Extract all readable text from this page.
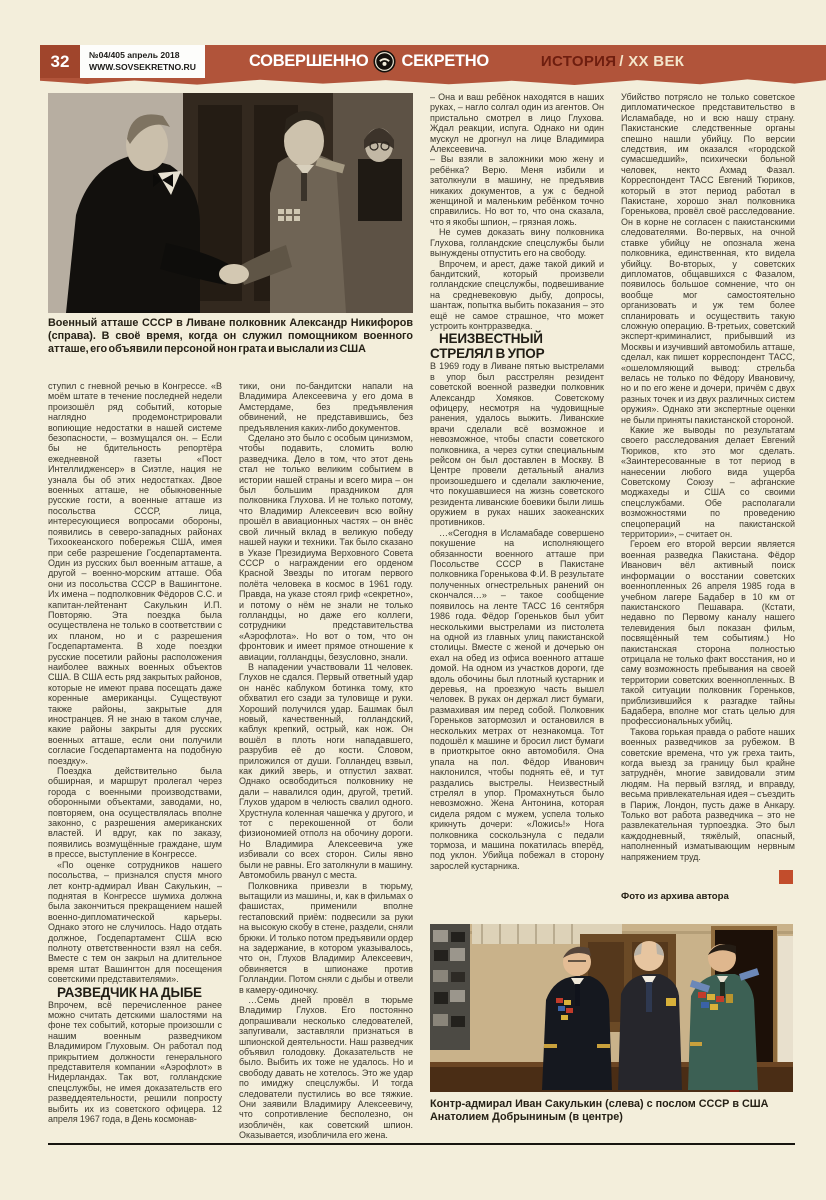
32	№04/405 апрель 2018
WWW.SOVSEKRETNO.RU	СОВЕРШЕННО СЕКРЕТНО	ИСТОРИЯ / XX ВЕК
Военный атташе СССР в Ливане полковник Александр Никифоров (справа). В своё время, когда он служил помощником военного атташе, его объявили персоной нон грата и выслали из США

ступил с гневной речью в Конгрессе. «В моём штате в течение последней недели произошёл ряд событий, которые наглядно продемонстрировали вопиющие недостатки в нашей системе безопасности, – возмущался он. – Если бы не бдительность репортёра ежедневной газеты «Пост Интеллидженсер» в Сиэтле, нация не узнала бы об этих недостатках. Двое военных атташе, не обыкновенные русские гости, а военные атташе из посольства СССР, лица, интересующиеся вопросами обороны, появились в северо-западных районах Тихоокеанского побережья США, имея при себе разрешение Госдепартамента. Один из русских был военным атташе, а другой – военно-морским атташе. Оба они из посольства СССР в Вашингтоне. Их имена – подполковник Фёдоров С.С. и капитан-лейтенант Сакулькин И.П. Повторяю. Эта поездка была осуществлена не только в соответствии с их планом, но и с разрешения Госдепартамента. В ходе поездки русские посетили районы расположения наиболее важных военных объектов США. В США есть ряд закрытых районов, которые не имеют права посещать даже коренные американцы. Существуют также районы, закрытые для иностранцев. Я не знаю в таком случае, какие районы закрыты для русских военных атташе, если они получили согласие Госдепартамента на подобную поездку».

Поездка действительно была обширная, и маршрут пролегал через города с военными производствами, оборонными объектами, заводами, но, повторяем, она осуществлялась вполне законно, с разрешения американских властей. И вдруг, как по заказу, появились возмущённые граждане, шум в прессе, выступление в Конгрессе.

«По оценке сотрудников нашего посольства, – признался спустя много лет контр-адмирал Иван Сакулькин, – поднятая в Конгрессе шумиха должна была закончиться прекращением нашей военно-дипломатической карьеры. Однако этого не случилось. Надо отдать должное, Госдепартамент США всю полноту ответственности взял на себя. Вместе с тем он закрыл на длительное время штат Вашингтон для посещения советскими представителями».

РАЗВЕДЧИК НА ДЫБЕ

Впрочем, всё перечисленное ранее можно считать детскими шалостями на фоне тех событий, которые произошли с нашим военным разведчиком Владимиром Глуховым. Он работал под прикрытием должности генерального представителя компании «Аэрофлот» в Нидерландах. Так вот, голландские спецслужбы, не имея доказательств его разведдеятельности, решили попросту выбить их из советского офицера. 12 апреля 1967 года, в День космонав-

тики, они по-бандитски напали на Владимира Алексеевича у его дома в Амстердаме, без предъявления обвинений, не представившись, без предъявления каких-либо документов.

Сделано это было с особым цинизмом, чтобы подавить, сломить волю разведчика. Дело в том, что этот день стал не только великим событием в истории нашей страны и всего мира – он был большим праздником для полковника Глухова. И не только потому, что Владимир Алексеевич всю войну прошёл в авиационных частях – он внёс свой личный вклад в великую победу нашей науки и техники. Так было сказано в Указе Президиума Верховного Совета СССР о награждении его орденом Красной Звезды по итогам первого полёта человека в космос в 1961 году. Правда, на указе стоял гриф «секретно», и потому о нём не знали не только голландцы, но даже его коллеги, сотрудники представительства «Аэрофлота». Но вот о том, что он фронтовик и имеет прямое отношение к авиации, голландцы, безусловно, знали.

В нападении участвовали 11 человек. Глухов не сдался. Первый ответный удар он нанёс каблуком ботинка тому, кто обхватил его сзади за туловище и руки. Хороший получился удар. Башмак был новый, качественный, голландский, каблук крепкий, острый, как нож. Он вошёл в плоть ноги нападавшего, разрубив её до кости. Словом, приложился от души. Голландец взвыл, как дикий зверь, и отпустил захват. Однако освободиться полковнику не дали – навалился один, другой, третий. Глухов ударом в челюсть свалил одного. Хрустнула коленная чашечка у другого, и тот с перекошенной от боли физиономией отполз на обочину дороги. Но Владимира Алексеевича уже избивали со всех сторон. Силы явно были не равны. Его затолкнули в машину. Автомобиль рванул с места.

Полковника привезли в тюрьму, вытащили из машины, и, как в фильмах о фашистах, применили вполне гестаповский приём: подвесили за руки на высокую скобу в стене, раздели, сняли брюки. И только потом предъявили ордер на задержание, в котором указывалось, что он, Глухов Владимир Алексеевич, обвиняется в шпионаже против Голландии. Потом сняли с дыбы и отвели в камеру-одиночку.

…Семь дней провёл в тюрьме Владимир Глухов. Его постоянно допрашивали несколько следователей, запугивали, заставляли признаться в шпионской деятельности. Наш разведчик объявил голодовку. Доказательств не было. Выбить их тоже не удалось. Но и свободу давать не хотелось. Это же удар по имиджу спецслужбы. И тогда следователи пустились во все тяжкие. Они заявили Владимиру Алексеевичу, что сопротивление бесполезно, он изобличён, как советский шпион. Оказывается, изобличила его жена.

– Она и ваш ребёнок находятся в наших руках, – нагло солгал один из агентов. Он пристально смотрел в лицо Глухова. Ждал реакции, испуга. Однако ни один мускул не дрогнул на лице Владимира Алексеевича.

– Вы взяли в заложники мою жену и ребёнка? Верю. Меня избили и затолкнули в машину, не предъявив никаких документов, а уж с бедной женщиной и маленьким ребёнком точно справились. Но вот то, что она сказала, что я якобы шпион, – грязная ложь.

Не сумев доказать вину полковника Глухова, голландские спецслужбы были вынуждены отпустить его на свободу.

Впрочем, и арест, даже такой дикий и бандитский, который произвели голландские спецслужбы, подвешивание на средневековую дыбу, допросы, шантаж, попытка выбить показания – это ещё не самое страшное, что может устроить контрразведка.

НЕИЗВЕСТНЫЙ СТРЕЛЯЛ В УПОР

В 1969 году в Ливане пятью выстрелами в упор был расстрелян резидент советской военной разведки полковник Александр Хомяков. Советскому офицеру, несмотря на чудовищные ранения, удалось выжить. Ливанские врачи сделали всё возможное и невозможное, чтобы спасти советского полковника, а через сутки специальным рейсом он был доставлен в Москву. В Центре провели детальный анализ произошедшего и сделали заключение, что покушавшиеся на жизнь советского резидента ливанские боевики были лишь оружием в руках наших заокеанских противников.

…«Сегодня в Исламабаде совершено покушение на исполняющего обязанности военного атташе при Посольстве СССР в Пакистане полковника Горенькова Ф.И. В результате полученных огнестрельных ранений он скончался…» – такое сообщение появилось на ленте ТАСС 16 сентября 1986 года. Фёдор Гореньков был убит несколькими выстрелами из пистолета на одной из главных улиц пакистанской столицы. Вместе с женой и дочерью он ехал на обед из офиса военного атташе домой. На одном из участков дороги, где вдоль обочины был плотный кустарник и деревья, на проезжую часть вышел человек. В руках он держал лист бумаги, размахивая им перед собой. Полковник Гореньков затормозил и остановился в нескольких метрах от незнакомца. Тот подошёл к машине и бросил лист бумаги в приоткрытое окно автомобиля. Она упала на пол. Фёдор Иванович наклонился, чтобы поднять её, и тут раздались выстрелы. Неизвестный стрелял в упор. Промахнуться было невозможно. Жена Антонина, которая сидела рядом с мужем, успела только крикнуть дочери: «Ложись!» Нога полковника соскользнула с педали тормоза, и машина покатилась вперёд, под уклон. Убийца побежал в сторону зарослей кустарника.

Убийство потрясло не только советское дипломатическое представительство в Исламабаде, но и всю нашу страну. Пакистанские следственные органы спешно нашли убийцу. По версии следствия, им оказался «городской сумасшедший», психически больной человек, некто Ахмад Фазал. Корреспондент ТАСС Евгений Тюриков, который в этот период работал в Пакистане, хорошо знал полковника Горенькова, провёл своё расследование. Он в корне не согласен с пакистанскими следователями. Во-первых, на очной ставке убийцу не опознала жена полковника, единственная, кто видела убийцу. Во-вторых, у советских дипломатов, общавшихся с Фазалом, появилось большое сомнение, что он вообще мог самостоятельно организовать и уж тем более спланировать и осуществить такую сложную операцию. В-третьих, советский эксперт-криминалист, прибывший из Москвы и изучивший автомобиль атташе, сделал, как пишет корреспондент ТАСС, «ошеломляющий вывод: стрельба велась не только по Фёдору Ивановичу, но и по его жене и дочери, причём с двух разных точек и из двух различных систем оружия». Однако эти экспертные оценки не были приняты пакистанской стороной.

Какие же выводы по результатам своего расследования делает Евгений Тюриков, кто это мог сделать. «Заинтересованные в тот период в нанесении любого вида ущерба Советскому Союзу – афганские моджахеды и США со своими спецслужбами. Обе располагали возможностями по проведению спецопераций на пакистанской территории», – считает он.

Героем его второй версии является военная разведка Пакистана. Фёдор Иванович вёл активный поиск информации о восстании советских военнопленных 26 апреля 1985 года в учебном лагере Бадабер в 10 км от пакистанского Пешавара. (Кстати, недавно по Первому каналу нашего телевидения был показан фильм, посвящённый тем событиям.) Но пакистанская сторона полностью отрицала не только факт восстания, но и саму возможность пребывания на своей территории советских военнопленных. В такой ситуации полковник Гореньков, приблизившийся к разгадке тайны Бадабера, вполне мог стать целью для профессиональных убийц.

Такова горькая правда о работе наших военных разведчиков за рубежом. В советские времена, что уж греха таить, когда выезд за границу был крайне затруднён, многие завидовали этим людям. На первый взгляд, и вправду, весьма привлекательная идея – съездить в Париж, Лондон, пусть даже в Анкару. Только вот работа разведчика – это не развлекательная турпоездка. Это был каждодневный, тяжёлый, опасный, наполненный изматывающим нервным напряжением труд.

Фото из архива автора

Контр-адмирал Иван Сакулькин (слева) с послом СССР в США Анатолием Добрыниным (в центре)
